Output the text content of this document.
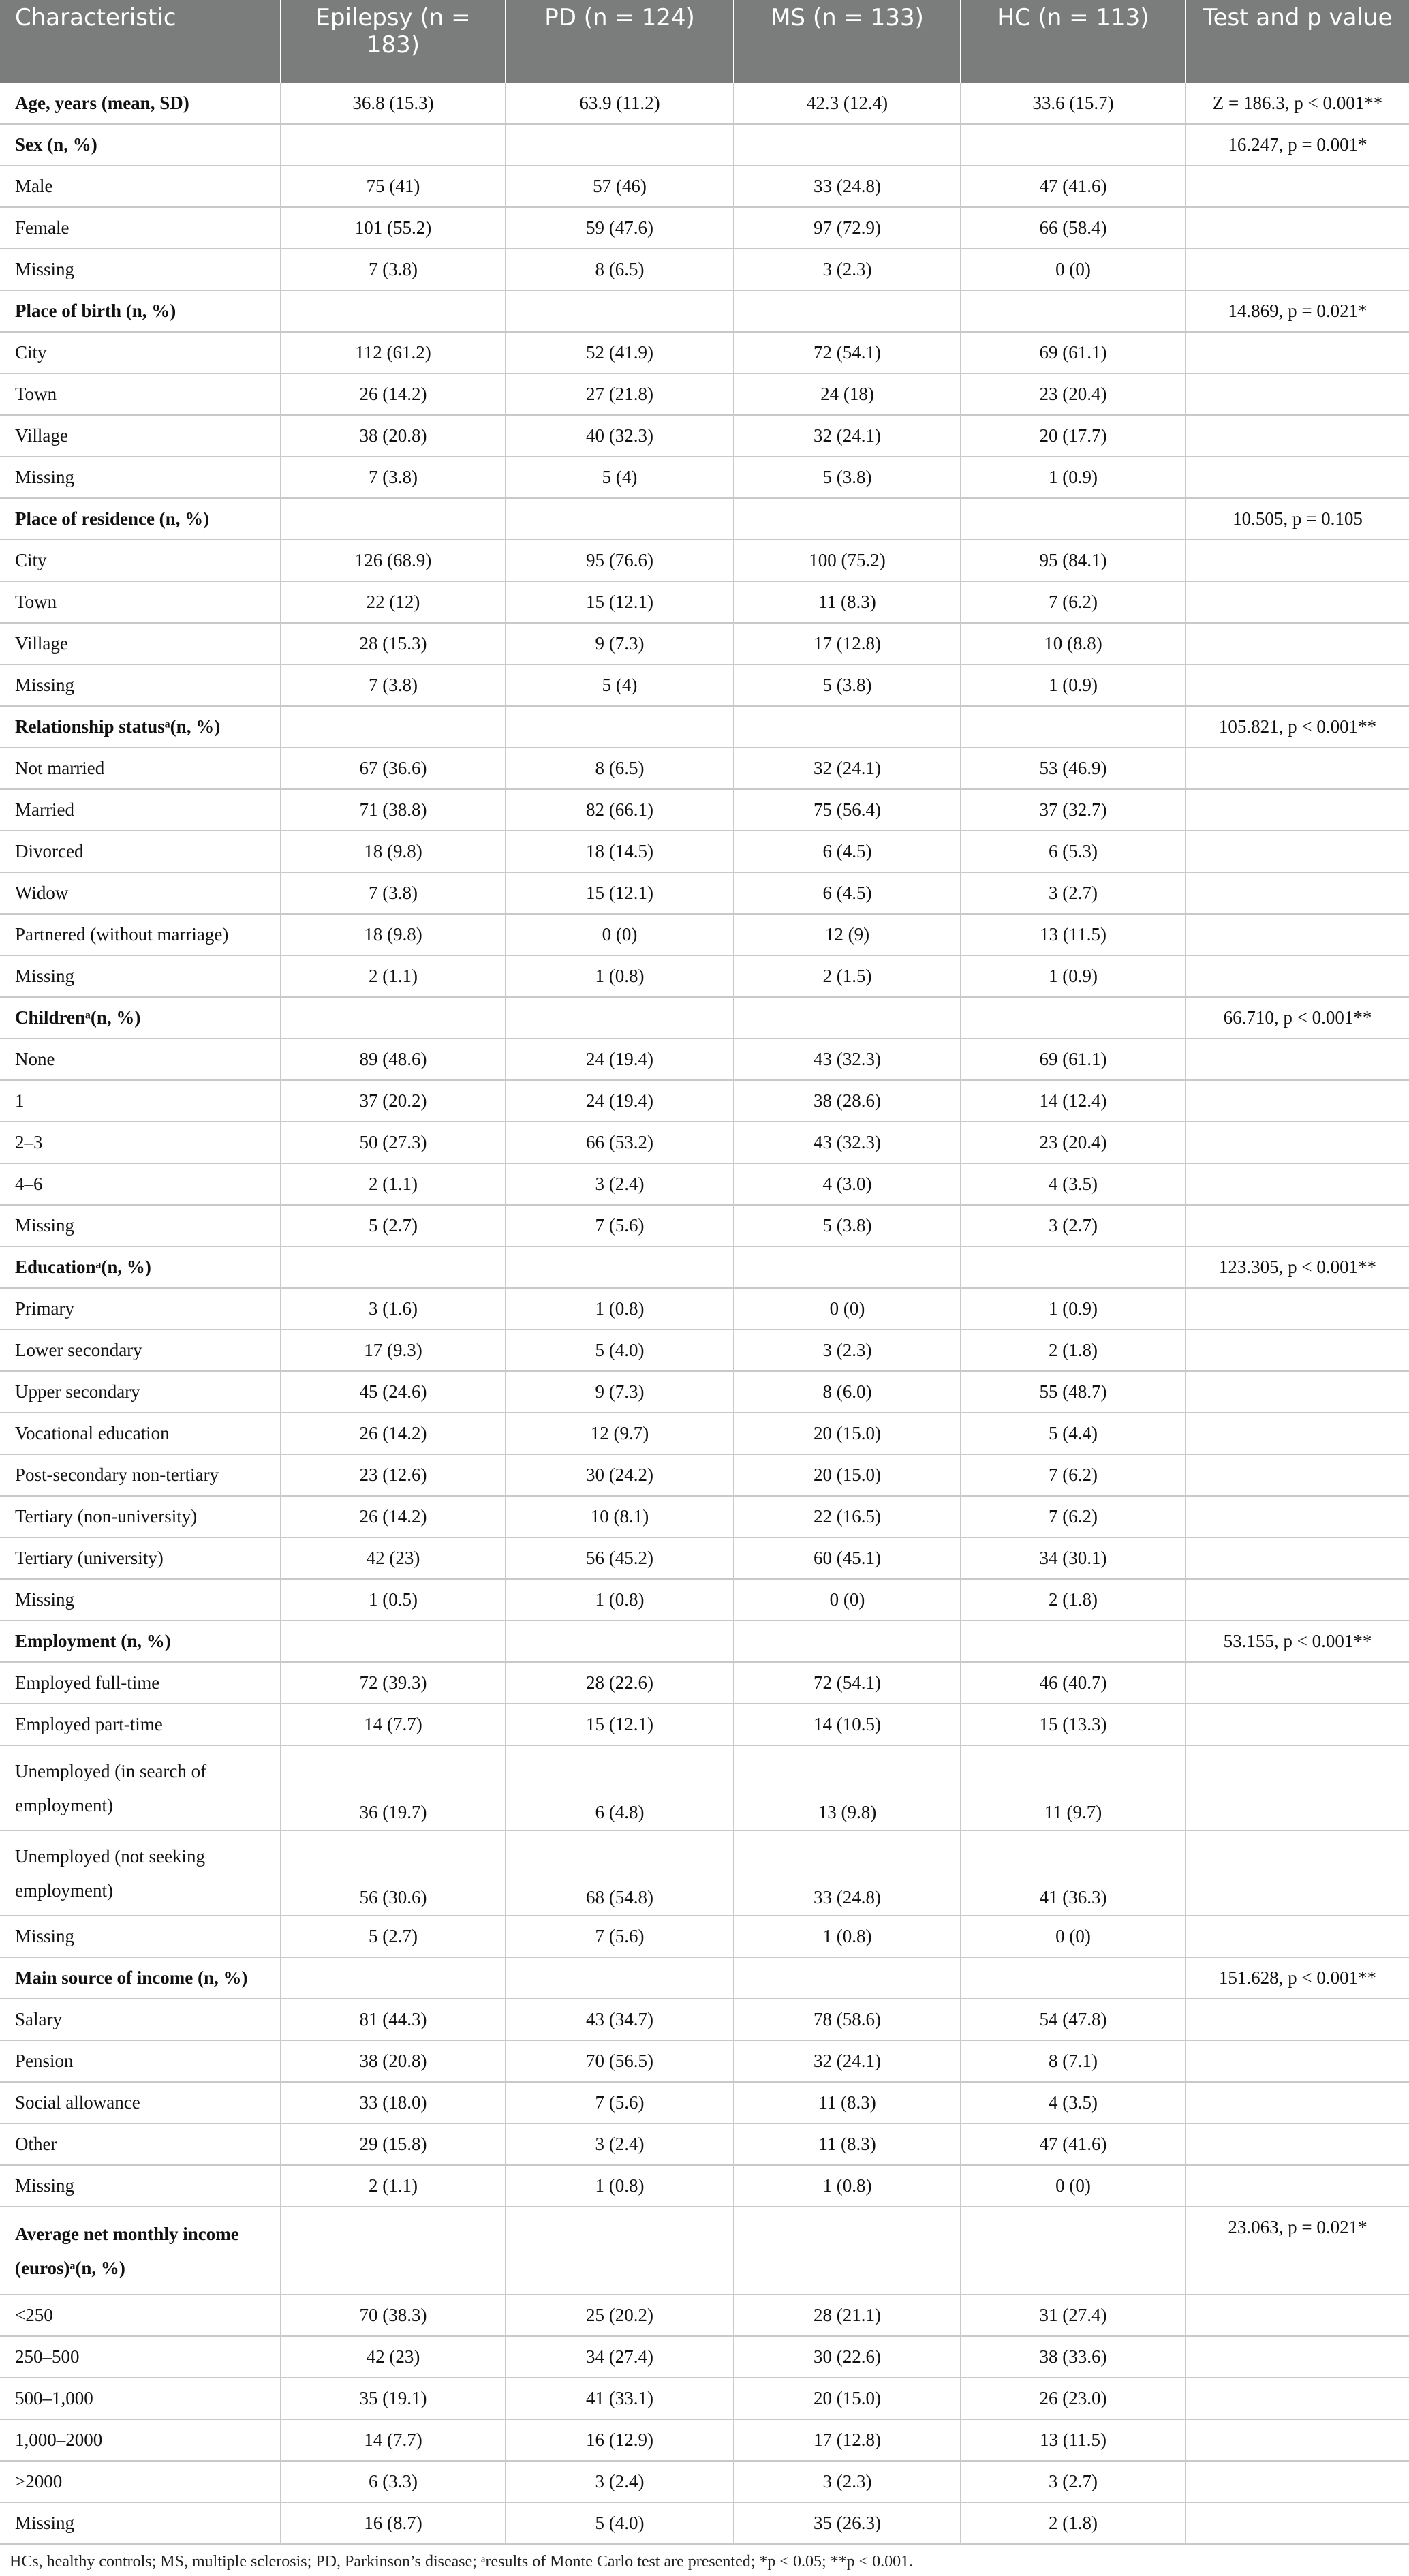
Characteristic	Epilepsy (n = 183)	PD (n = 124)	MS (n = 133)	HC (n = 113)	Test and p value
Age, years (mean, SD)	36.8 (15.3)	63.9 (11.2)	42.3 (12.4)	33.6 (15.7)	Z = 186.3, p < 0.001**
Sex (n, %)					16.247, p = 0.001*
Male	75 (41)	57 (46)	33 (24.8)	47 (41.6)	
Female	101 (55.2)	59 (47.6)	97 (72.9)	66 (58.4)	
Missing	7 (3.8)	8 (6.5)	3 (2.3)	0 (0)	
Place of birth (n, %)					14.869, p = 0.021*
City	112 (61.2)	52 (41.9)	72 (54.1)	69 (61.1)	
Town	26 (14.2)	27 (21.8)	24 (18)	23 (20.4)	
Village	38 (20.8)	40 (32.3)	32 (24.1)	20 (17.7)	
Missing	7 (3.8)	5 (4)	5 (3.8)	1 (0.9)	
Place of residence (n, %)					10.505, p = 0.105
City	126 (68.9)	95 (76.6)	100 (75.2)	95 (84.1)	
Town	22 (12)	15 (12.1)	11 (8.3)	7 (6.2)	
Village	28 (15.3)	9 (7.3)	17 (12.8)	10 (8.8)	
Missing	7 (3.8)	5 (4)	5 (3.8)	1 (0.9)	
Relationship statusᵃ(n, %)					105.821, p < 0.001**
Not married	67 (36.6)	8 (6.5)	32 (24.1)	53 (46.9)	
Married	71 (38.8)	82 (66.1)	75 (56.4)	37 (32.7)	
Divorced	18 (9.8)	18 (14.5)	6 (4.5)	6 (5.3)	
Widow	7 (3.8)	15 (12.1)	6 (4.5)	3 (2.7)	
Partnered (without marriage)	18 (9.8)	0 (0)	12 (9)	13 (11.5)	
Missing	2 (1.1)	1 (0.8)	2 (1.5)	1 (0.9)	
Childrenᵃ(n, %)					66.710, p < 0.001**
None	89 (48.6)	24 (19.4)	43 (32.3)	69 (61.1)	
1	37 (20.2)	24 (19.4)	38 (28.6)	14 (12.4)	
2–3	50 (27.3)	66 (53.2)	43 (32.3)	23 (20.4)	
4–6	2 (1.1)	3 (2.4)	4 (3.0)	4 (3.5)	
Missing	5 (2.7)	7 (5.6)	5 (3.8)	3 (2.7)	
Educationᵃ(n, %)					123.305, p < 0.001**
Primary	3 (1.6)	1 (0.8)	0 (0)	1 (0.9)	
Lower secondary	17 (9.3)	5 (4.0)	3 (2.3)	2 (1.8)	
Upper secondary	45 (24.6)	9 (7.3)	8 (6.0)	55 (48.7)	
Vocational education	26 (14.2)	12 (9.7)	20 (15.0)	5 (4.4)	
Post-secondary non-tertiary	23 (12.6)	30 (24.2)	20 (15.0)	7 (6.2)	
Tertiary (non-university)	26 (14.2)	10 (8.1)	22 (16.5)	7 (6.2)	
Tertiary (university)	42 (23)	56 (45.2)	60 (45.1)	34 (30.1)	
Missing	1 (0.5)	1 (0.8)	0 (0)	2 (1.8)	
Employment (n, %)					53.155, p < 0.001**
Employed full-time	72 (39.3)	28 (22.6)	72 (54.1)	46 (40.7)	
Employed part-time	14 (7.7)	15 (12.1)	14 (10.5)	15 (13.3)	
Unemployed (in search of employment)	36 (19.7)	6 (4.8)	13 (9.8)	11 (9.7)	
Unemployed (not seeking employment)	56 (30.6)	68 (54.8)	33 (24.8)	41 (36.3)	
Missing	5 (2.7)	7 (5.6)	1 (0.8)	0 (0)	
Main source of income (n, %)					151.628, p < 0.001**
Salary	81 (44.3)	43 (34.7)	78 (58.6)	54 (47.8)	
Pension	38 (20.8)	70 (56.5)	32 (24.1)	8 (7.1)	
Social allowance	33 (18.0)	7 (5.6)	11 (8.3)	4 (3.5)	
Other	29 (15.8)	3 (2.4)	11 (8.3)	47 (41.6)	
Missing	2 (1.1)	1 (0.8)	1 (0.8)	0 (0)	
Average net monthly income (euros)ᵃ(n, %)					23.063, p = 0.021*
<250	70 (38.3)	25 (20.2)	28 (21.1)	31 (27.4)	
250–500	42 (23)	34 (27.4)	30 (22.6)	38 (33.6)	
500–1,000	35 (19.1)	41 (33.1)	20 (15.0)	26 (23.0)	
1,000–2000	14 (7.7)	16 (12.9)	17 (12.8)	13 (11.5)	
>2000	6 (3.3)	3 (2.4)	3 (2.3)	3 (2.7)	
Missing	16 (8.7)	5 (4.0)	35 (26.3)	2 (1.8)	
HCs, healthy controls; MS, multiple sclerosis; PD, Parkinson’s disease; ᵃresults of Monte Carlo test are presented; *p < 0.05; **p < 0.001.
